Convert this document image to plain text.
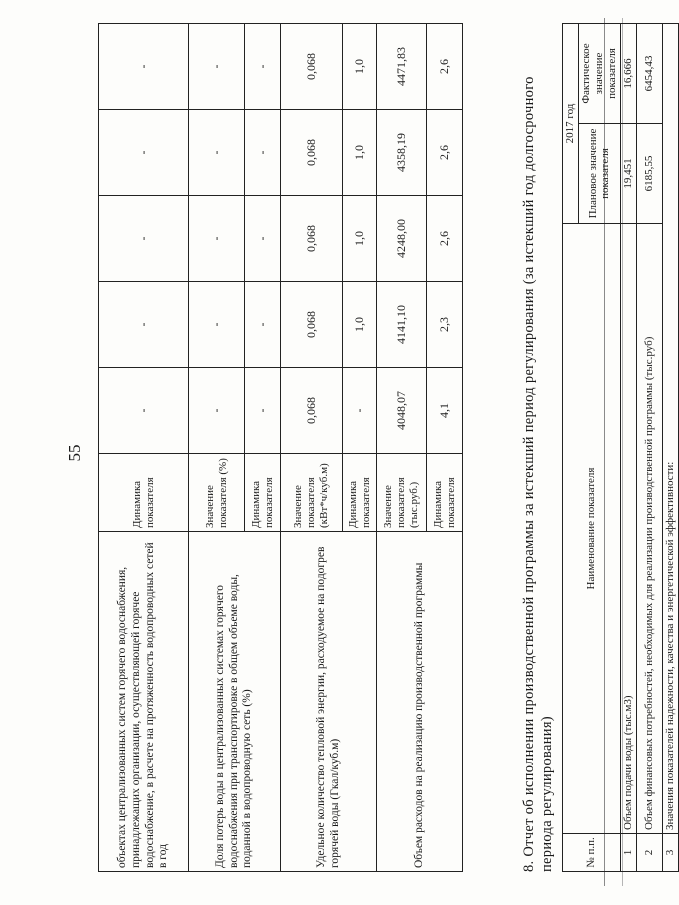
55
объектах централизованных систем горячего водоснабжения, принадлежащих организации, осуществляющей горячее водоснабжение, в расчете на протяженность водопроводных сетей в год	Динамика показателя	-	-	-	-	-
Доля потерь воды в централизованных системах горячего водоснабжения при транспортировке в общем объеме воды, поданной в водопроводную сеть (%)	Значение показателя (%)	-	-	-	-	-
	Динамика показателя	-	-	-	-	-
Удельное количество тепловой энергии, расходуемое на подогрев горячей воды (Гкал/куб.м)	Значение показателя (кВт*ч/куб.м)	0,068	0,068	0,068	0,068	0,068
	Динамика показателя	-	1,0	1,0	1,0	1,0
Объем расходов на реализацию производственной программы	Значение показателя (тыс.руб.)	4048,07	4141,10	4248,00	4358,19	4471,83
	Динамика показателя	4,1	2,3	2,6	2,6	2,6
8. Отчет об исполнении производственной программы за истекший период регулирования (за истекший год долгосрочного периода регулирования)	№ п.п.	Наименование показателя	2017 год	
		Плановое значение показателя	Фактическое значение показателя
1	Объем подачи воды (тыс.м3)	19,451	16,666
2	Объем финансовых потребностей, необходимых для реализации производственной программы (тыс.руб)	6185,55	6454,43
3	Значения показателей надежности, качества и энергетической эффективности:		
